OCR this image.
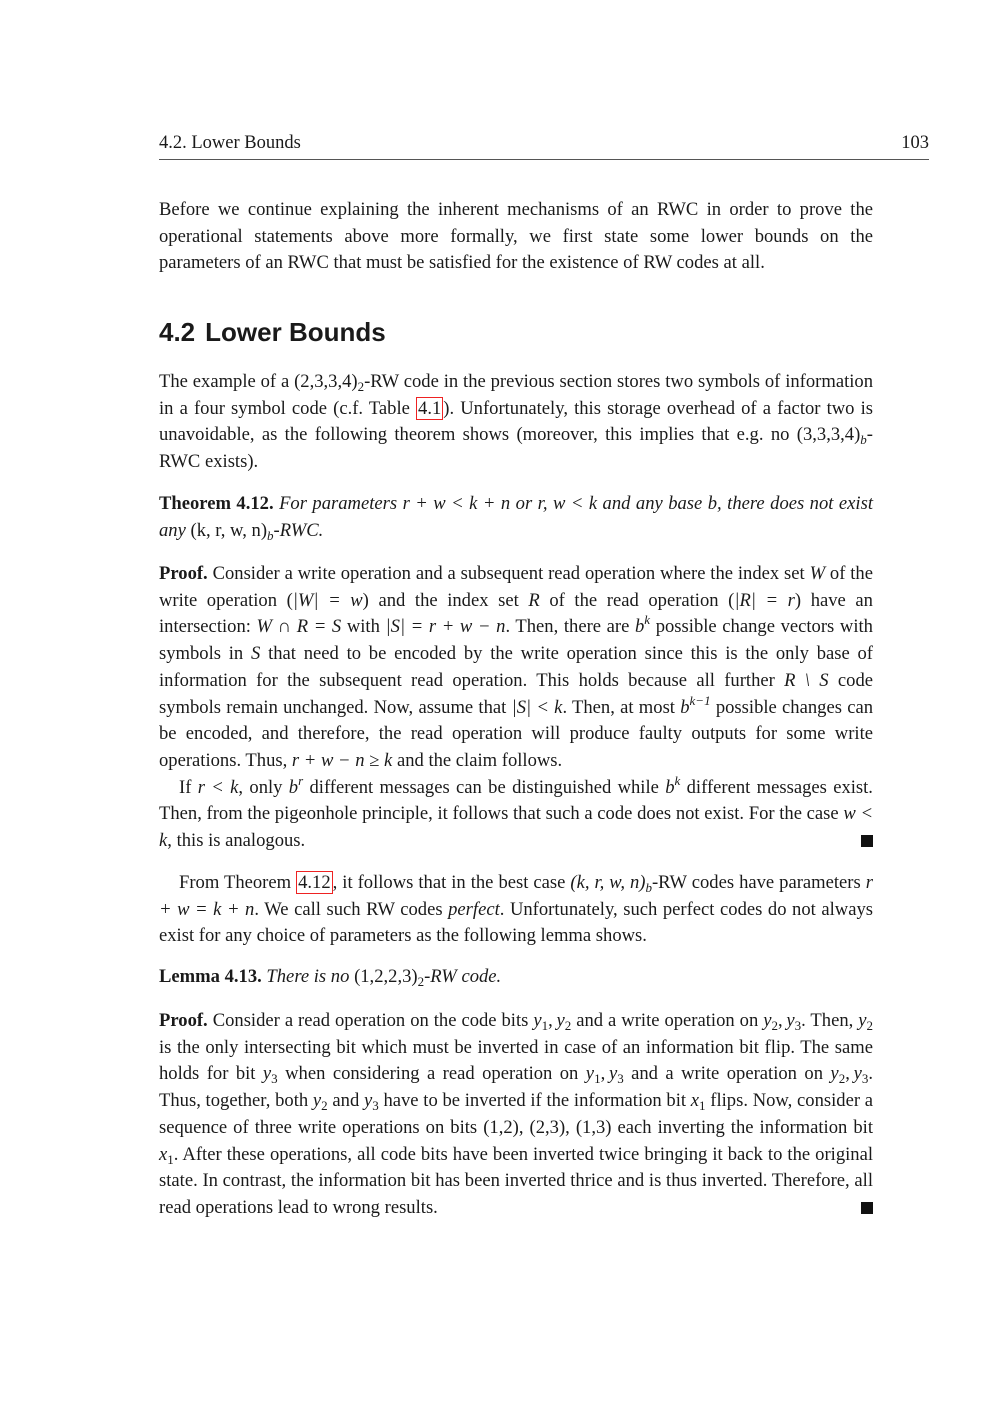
4.2. Lower Bounds	103

Before we continue explaining the inherent mechanisms of an RWC in order to prove the operational statements above more formally, we first state some lower bounds on the parameters of an RWC that must be satisfied for the existence of RW codes at all.

4.2 Lower Bounds

The example of a $(2,3,3,4)_2-RW$ code in the previous section stores two symbols of information in a four symbol code (c.f. Table 4.1 ). Unfortunately, this storage overhead of a factor two is unavoidable, as the following theorem shows (moreover, this implies that e.g. no $(3,3,3,4)_b$-RWC exists).

Theorem 4.12. For parameters r + w < k + n or r, w < k and any base b, there does not exist any (k, r, w, $n)_b$-RWC.

Proof. Consider a write operation and a subsequent read operation where the index set W of the write operation (|W| = w) and the index set R of the read operation (|R| = r) have an intersection: W ∩ R = S with |S| = r + w − n. Then, there are $b^k$ possible change vectors with symbols in S that need to be encoded by the write operation since this is the only base of information for the subsequent read operation. This holds because all further R \ S code symbols remain unchanged. Now, assume that |S| < k. Then, at most $b^{k-1}$ possible changes can be encoded, and therefore, the read operation will produce faulty outputs for some write operations. Thus, r + w − n ≥ k and the claim follows.

If r < k, only $b^r$ different messages can be distinguished while $b^k$ different messages exist. Then, from the pigeonhole principle, it follows that such a code does not exist. For the case w < k, this is analogous.

From Theorem 4.12 , it follows that in the best case (k, r, w, $n)_b-RW$ codes have parameters r + w = k + n. We call such RW codes perfect. Unfortunately, such perfect codes do not always exist for any choice of parameters as the following lemma shows.

Lemma 4.13. There is no $(1,2,2,3)_2-RW$ code.

Proof. Consider a read operation on the code bits $y_1$, $y_2$ and a write operation on $y_2$, $y_3$. Then, $y_2$ is the only intersecting bit which must be inverted in case of an information bit flip. The same holds for bit $y_3$ when considering a read operation on $y_1$, $y_3$ and a write operation on $y_2$, $y_3$. Thus, together, both $y_2$ and $y_3$ have to be inverted if the information bit $x_1$ flips. Now, consider a sequence of three write operations on bits (1,2), (2,3), (1,3) each inverting the information bit $x_1$. After these operations, all code bits have been inverted twice bringing it back to the original state. In contrast, the information bit has been inverted thrice and is thus inverted. Therefore, all read operations lead to wrong results.
